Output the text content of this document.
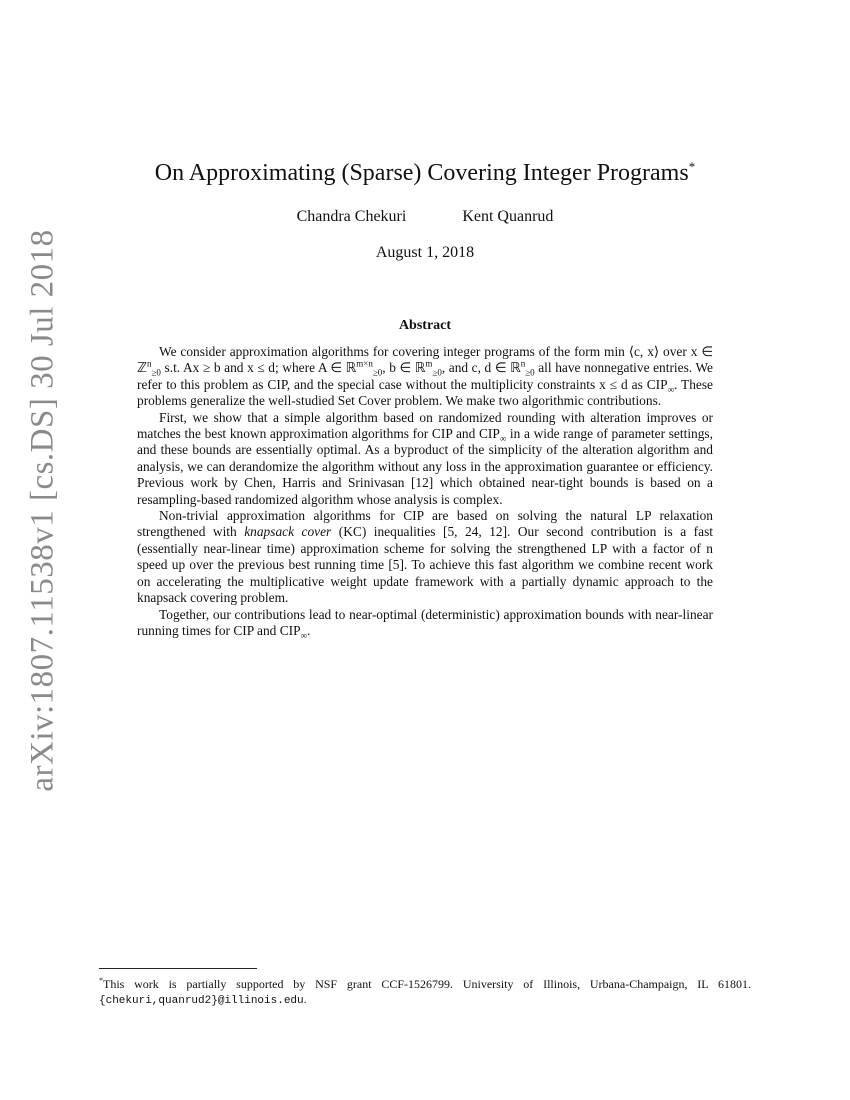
arXiv:1807.11538v1 [cs.DS] 30 Jul 2018
On Approximating (Sparse) Covering Integer Programs*
Chandra Chekuri	Kent Quanrud
August 1, 2018
Abstract

We consider approximation algorithms for covering integer programs of the form min ⟨c, x⟩ over x ∈ ℤ$^n_{\ge 0}$ s.t. Ax ≥ b and x ≤ d; where A ∈ ℝ$^{m\times n}_{\ge 0}$, b ∈ ℝ$^m_{\ge 0}$, and c, d ∈ ℝ$^n_{\ge 0}$ all have nonnegative entries. We refer to this problem as CIP, and the special case without the multiplicity constraints x ≤ d as $CIP_\infty$. These problems generalize the well-studied Set Cover problem. We make two algorithmic contributions.

First, we show that a simple algorithm based on randomized rounding with alteration improves or matches the best known approximation algorithms for CIP and $CIP_\infty$ in a wide range of parameter settings, and these bounds are essentially optimal. As a byproduct of the simplicity of the alteration algorithm and analysis, we can derandomize the algorithm without any loss in the approximation guarantee or efficiency. Previous work by Chen, Harris and Srinivasan [12] which obtained near-tight bounds is based on a resampling-based randomized algorithm whose analysis is complex.

Non-trivial approximation algorithms for CIP are based on solving the natural LP relaxation strengthened with knapsack cover (KC) inequalities [5, 24, 12]. Our second contribution is a fast (essentially near-linear time) approximation scheme for solving the strengthened LP with a factor of n speed up over the previous best running time [5]. To achieve this fast algorithm we combine recent work on accelerating the multiplicative weight update framework with a partially dynamic approach to the knapsack covering problem.

Together, our contributions lead to near-optimal (deterministic) approximation bounds with near-linear running times for CIP and $CIP_\infty$.

*This work is partially supported by NSF grant CCF-1526799. University of Illinois, Urbana-Champaign, IL 61801. {chekuri,quanrud2}@illinois.edu.
